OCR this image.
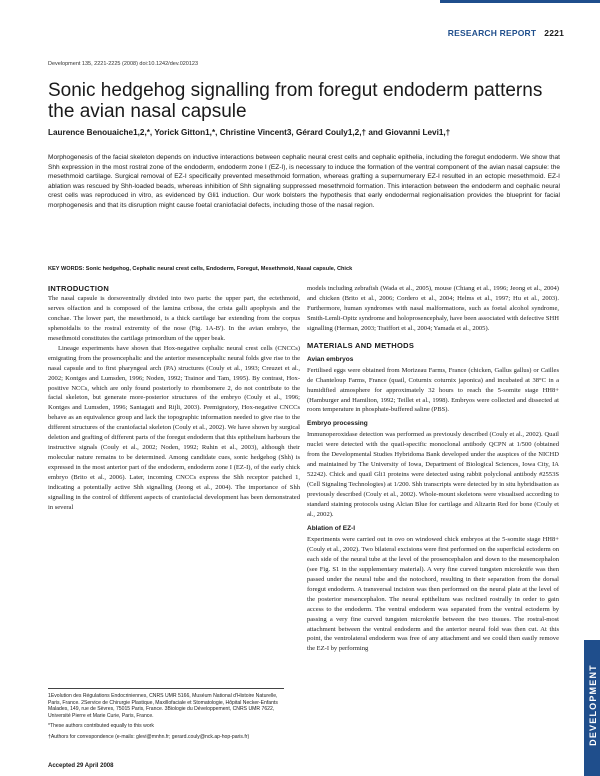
RESEARCH REPORT 2221
Development 135, 2221-2225 (2008) doi:10.1242/dev.020123
Sonic hedgehog signalling from foregut endoderm patterns the avian nasal capsule
Laurence Benouaiche1,2,*, Yorick Gitton1,*, Christine Vincent3, Gérard Couly1,2,† and Giovanni Levi1,†

Morphogenesis of the facial skeleton depends on inductive interactions between cephalic neural crest cells and cephalic epithelia, including the foregut endoderm. We show that Shh expression in the most rostral zone of the endoderm, endoderm zone I (EZ-I), is necessary to induce the formation of the ventral component of the avian nasal capsule: the mesethmoid cartilage. Surgical removal of EZ-I specifically prevented mesethmoid formation, whereas grafting a supernumerary EZ-I resulted in an ectopic mesethmoid. EZ-I ablation was rescued by Shh-loaded beads, whereas inhibition of Shh signalling suppressed mesethmoid formation. This interaction between the endoderm and cephalic neural crest cells was reproduced in vitro, as evidenced by Gli1 induction. Our work bolsters the hypothesis that early endodermal regionalisation provides the blueprint for facial morphogenesis and that its disruption might cause foetal craniofacial defects, including those of the nasal region.

KEY WORDS: Sonic hedgehog, Cephalic neural crest cells, Endoderm, Foregut, Mesethmoid, Nasal capsule, Chick
INTRODUCTION

The nasal capsule is dorsoventrally divided into two parts: the upper part, the ectethmoid, serves olfaction and is composed of the lamina cribosa, the crista galli apophysis and the conchae. The lower part, the mesethmoid, is a thick cartilage bar extending from the corpus sphenoidalis to the rostral extremity of the nose (Fig. 1A-B'). In the avian embryo, the mesethmoid constitutes the cartilage primordium of the upper beak.

Lineage experiments have shown that Hox-negative cephalic neural crest cells (CNCCs) emigrating from the prosencephalic and the anterior mesencephalic neural folds give rise to the nasal capsule and to first pharyngeal arch (PA) structures (Couly et al., 1993; Creuzet et al., 2002; Kontges and Lumsden, 1996; Noden, 1992; Trainor and Tam, 1995). By contrast, Hox-positive NCCs, which are only found posteriorly to rhombomere 2, do not contribute to the facial skeleton, but generate more-posterior structures of the embryo (Couly et al., 1996; Kontges and Lumsden, 1996; Santagati and Rijli, 2003). Premigratory, Hox-negative CNCCs behave as an equivalence group and lack the topographic information needed to give rise to the different structures of the craniofacial skeleton (Couly et al., 2002). We have shown by surgical deletion and grafting of different parts of the foregut endoderm that this epithelium harbours the instructive signals (Couly et al., 2002; Noden, 1992; Ruhin et al., 2003), although their molecular nature remains to be determined. Among candidate cues, sonic hedgehog (Shh) is expressed in the most anterior part of the endoderm, endoderm zone I (EZ-I), of the early chick embryo (Brito et al., 2006). Later, incoming CNCCs express the Shh receptor patched 1, indicating a potentially active Shh signalling (Jeong et al., 2004). The importance of Shh signalling in the control of different aspects of craniofacial development has been demonstrated in several

models including zebrafish (Wada et al., 2005), mouse (Chiang et al., 1996; Jeong et al., 2004) and chicken (Brito et al., 2006; Cordero et al., 2004; Helms et al., 1997; Hu et al., 2003). Furthermore, human syndromes with nasal malformations, such as foetal alcohol syndrome, Smith-Lemli-Opitz syndrome and holoprosencephaly, have been associated with defective SHH signalling (Herman, 2003; Traiffort et al., 2004; Yamada et al., 2005).

MATERIALS AND METHODS
Avian embryos

Fertilised eggs were obtained from Morizeau Farms, France (chicken, Gallus gallus) or Cailles de Chanteloup Farms, France (quail, Coturnix coturnix japonica) and incubated at 38°C in a humidified atmosphere for approximately 32 hours to reach the 5-somite stage HH8+ (Hamburger and Hamilton, 1992; Teillet et al., 1998). Embryos were collected and dissected at room temperature in phosphate-buffered saline (PBS).

Embryo processing

Immunoperoxidase detection was performed as previously described (Couly et al., 2002). Quail nuclei were detected with the quail-specific monoclonal antibody QCPN at 1/500 (obtained from the Developmental Studies Hybridoma Bank developed under the auspices of the NICHD and maintained by The University of Iowa, Department of Biological Sciences, Iowa City, IA 52242). Chick and quail Gli1 proteins were detected using rabbit polyclonal antibody #2553S (Cell Signaling Technologies) at 1/200. Shh transcripts were detected by in situ hybridisation as previously described (Couly et al., 2002). Whole-mount skeletons were visualised according to standard staining protocols using Alcian Blue for cartilage and Alizarin Red for bone (Couly et al., 2002).

Ablation of EZ-I

Experiments were carried out in ovo on windowed chick embryos at the 5-somite stage HH8+ (Couly et al., 2002). Two bilateral excisions were first performed on the superficial ectoderm on each side of the neural tube at the level of the prosencephalon and down to the mesencephalon (see Fig. S1 in the supplementary material). A very fine curved tungsten microknife was then passed under the neural tube and the notochord, resulting in their separation from the dorsal foregut endoderm. A transversal incision was then performed on the neural plate at the level of the posterior mesencephalon. The neural epithelium was reclined rostrally in order to gain access to the endoderm. The ventral endoderm was separated from the ventral ectoderm by passing a very fine curved tungsten microknife between the two tissues. The rostral-most attachment between the ventral endoderm and the anterior neural fold was then cut. At this point, the ventrolateral endoderm was free of any attachment and we could then easily remove the EZ-I by performing

1Evolution des Régulations Endocriniennes, CNRS UMR 5166, Muséum National d'Histoire Naturelle, Paris, France. 2Service de Chirurgie Plastique, Maxillofaciale et Stomatologie, Hôpital Necker-Enfants Malades, 149, rue de Sèvres, 75015 Paris, France. 3Biologie du Développement, CNRS UMR 7622, Université Pierre et Marie Curie, Paris, France.

*These authors contributed equally to this work

†Authors for correspondence (e-mails: glevi@mnhn.fr; gerard.couly@nck.ap-hop-paris.fr)

Accepted 29 April 2008
DEVELOPMENT
